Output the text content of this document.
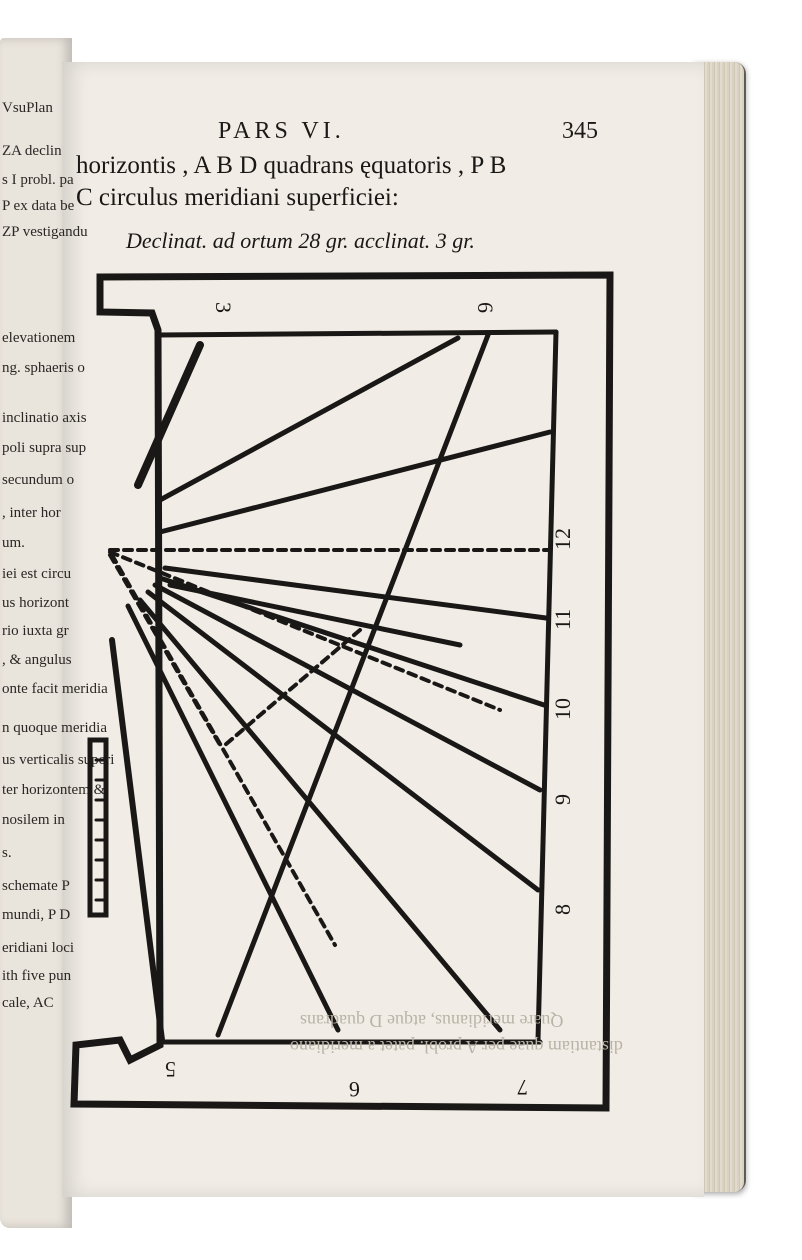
VsuPlan
ZA declin
s I probl. pa
P ex data be
ZP vestigandu
elevationem
ng. sphaeris o
inclinatio axis
poli supra sup
secundum o
, inter hor
um.
iei est circu
us horizont
rio iuxta gr
, & angulus
onte facit meridia
n quoque meridia
us verticalis superi
ter horizontem &
nosilem in
s.
schemate P
mundi, P D
eridiani loci
ith five pun
cale, AC
PARS VI.	345
horizontis , A B D quadrans ęquatoris , P B
C circulus meridiani superficiei:
Declinat. ad ortum 28 gr. acclinat. 3 gr.
12
11
10
9
8
7
6
5
3	6
Quare meridianus, atque D quadrans
distantiam quae per A probl. patet a meridiano
